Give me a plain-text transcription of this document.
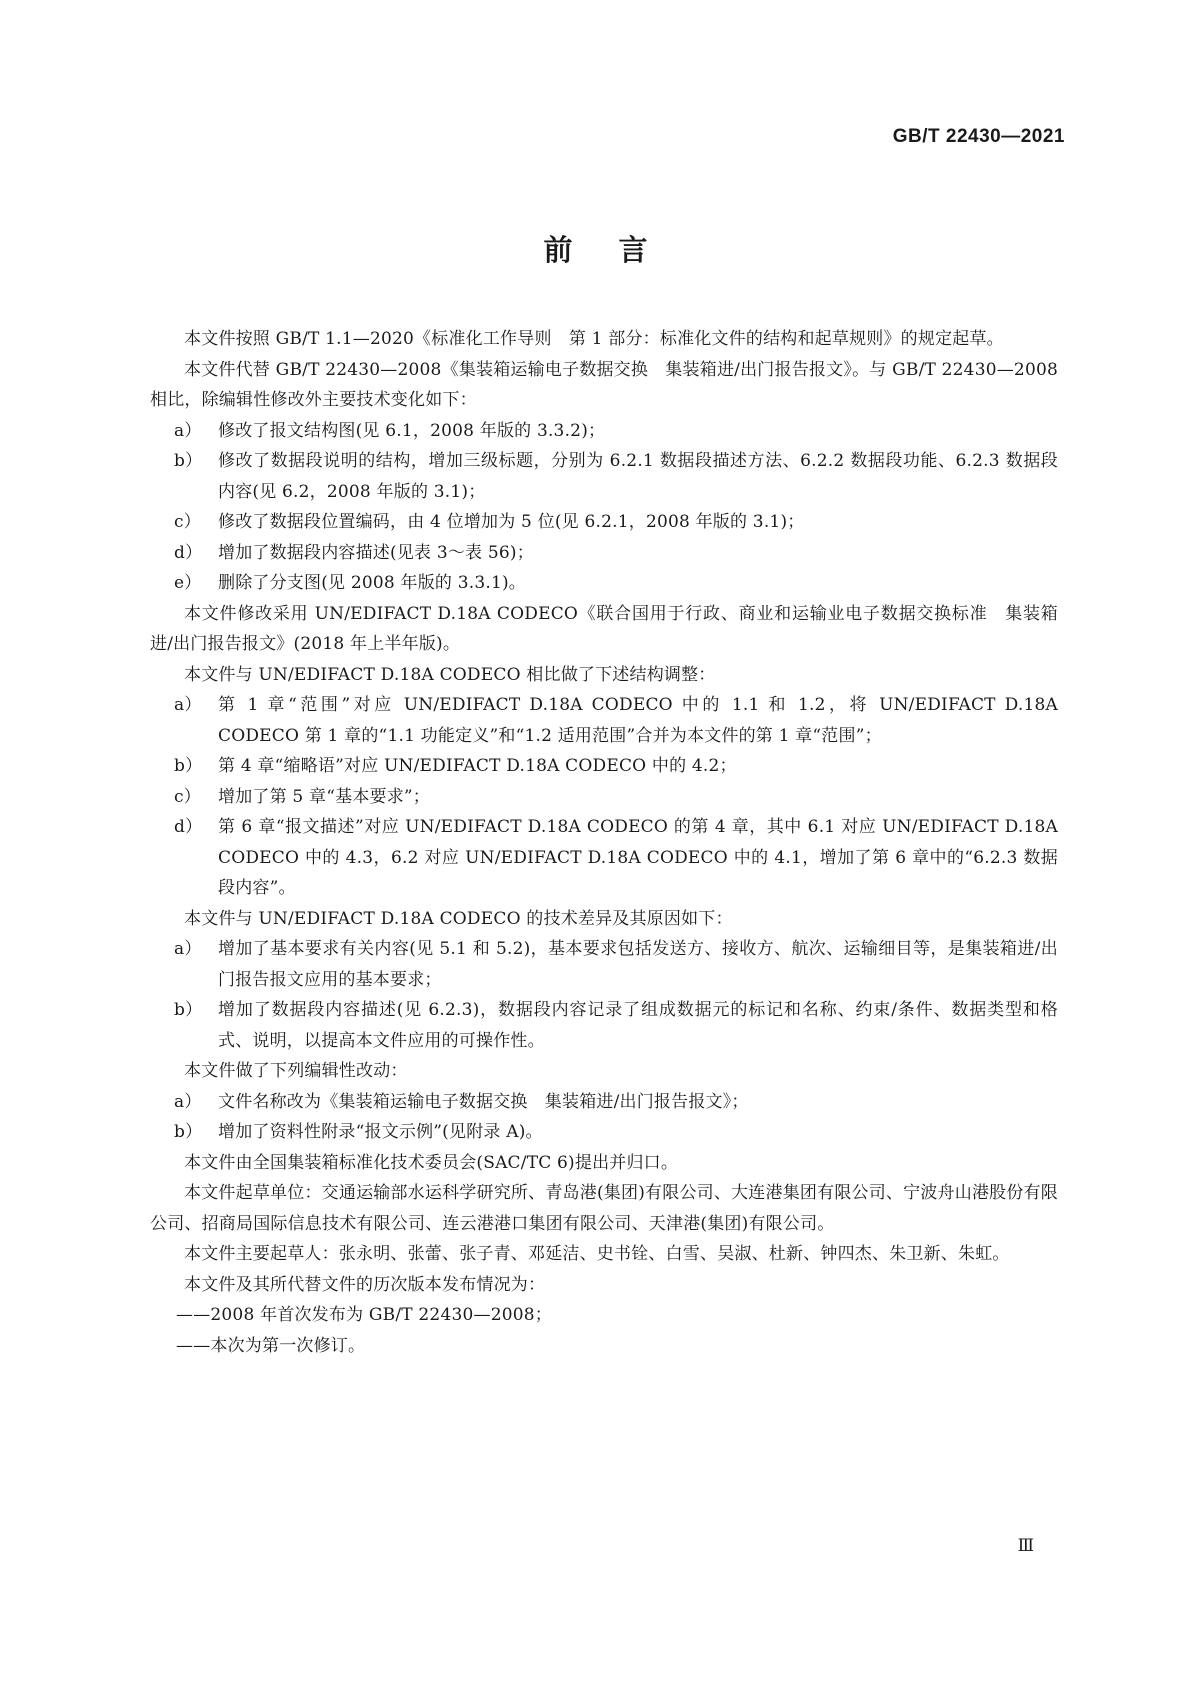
GB/T 22430—2021
前言
本文件按照 GB/T 1.1—2020《标准化工作导则　第 1 部分：标准化文件的结构和起草规则》的规定起草。
本文件代替 GB/T 22430—2008《集装箱运输电子数据交换　集装箱进/出门报告报文》。与 GB/T 22430—2008 相比，除编辑性修改外主要技术变化如下：
a） 修改了报文结构图(见 6.1，2008 年版的 3.3.2)；
b） 修改了数据段说明的结构，增加三级标题，分别为 6.2.1 数据段描述方法、6.2.2 数据段功能、6.2.3 数据段内容(见 6.2，2008 年版的 3.1)；
c） 修改了数据段位置编码，由 4 位增加为 5 位(见 6.2.1，2008 年版的 3.1)；
d） 增加了数据段内容描述(见表 3～表 56)；
e） 删除了分支图(见 2008 年版的 3.3.1)。
本文件修改采用 UN/EDIFACT D.18A CODECO《联合国用于行政、商业和运输业电子数据交换标准　集装箱进/出门报告报文》(2018 年上半年版)。
本文件与 UN/EDIFACT D.18A CODECO 相比做了下述结构调整：
a） 第 1 章“范围”对应 UN/EDIFACT D.18A CODECO 中的 1.1 和 1.2，将 UN/EDIFACT D.18A CODECO 第 1 章的“1.1 功能定义”和“1.2 适用范围”合并为本文件的第 1 章“范围”；
b） 第 4 章“缩略语”对应 UN/EDIFACT D.18A CODECO 中的 4.2；
c） 增加了第 5 章“基本要求”；
d） 第 6 章“报文描述”对应 UN/EDIFACT D.18A CODECO 的第 4 章，其中 6.1 对应 UN/EDIFACT D.18A CODECO 中的 4.3，6.2 对应 UN/EDIFACT D.18A CODECO 中的 4.1，增加了第 6 章中的“6.2.3 数据段内容”。
本文件与 UN/EDIFACT D.18A CODECO 的技术差异及其原因如下：
a） 增加了基本要求有关内容(见 5.1 和 5.2)，基本要求包括发送方、接收方、航次、运输细目等，是集装箱进/出门报告报文应用的基本要求；
b） 增加了数据段内容描述(见 6.2.3)，数据段内容记录了组成数据元的标记和名称、约束/条件、数据类型和格式、说明，以提高本文件应用的可操作性。
本文件做了下列编辑性改动：
a） 文件名称改为《集装箱运输电子数据交换　集装箱进/出门报告报文》；
b） 增加了资料性附录“报文示例”(见附录 A)。
本文件由全国集装箱标准化技术委员会(SAC/TC 6)提出并归口。
本文件起草单位：交通运输部水运科学研究所、青岛港(集团)有限公司、大连港集团有限公司、宁波舟山港股份有限公司、招商局国际信息技术有限公司、连云港港口集团有限公司、天津港(集团)有限公司。
本文件主要起草人：张永明、张蕾、张子青、邓延洁、史书铨、白雪、吴淑、杜新、钟四杰、朱卫新、朱虹。
本文件及其所代替文件的历次版本发布情况为：
——2008 年首次发布为 GB/T 22430—2008；
——本次为第一次修订。
Ⅲ
